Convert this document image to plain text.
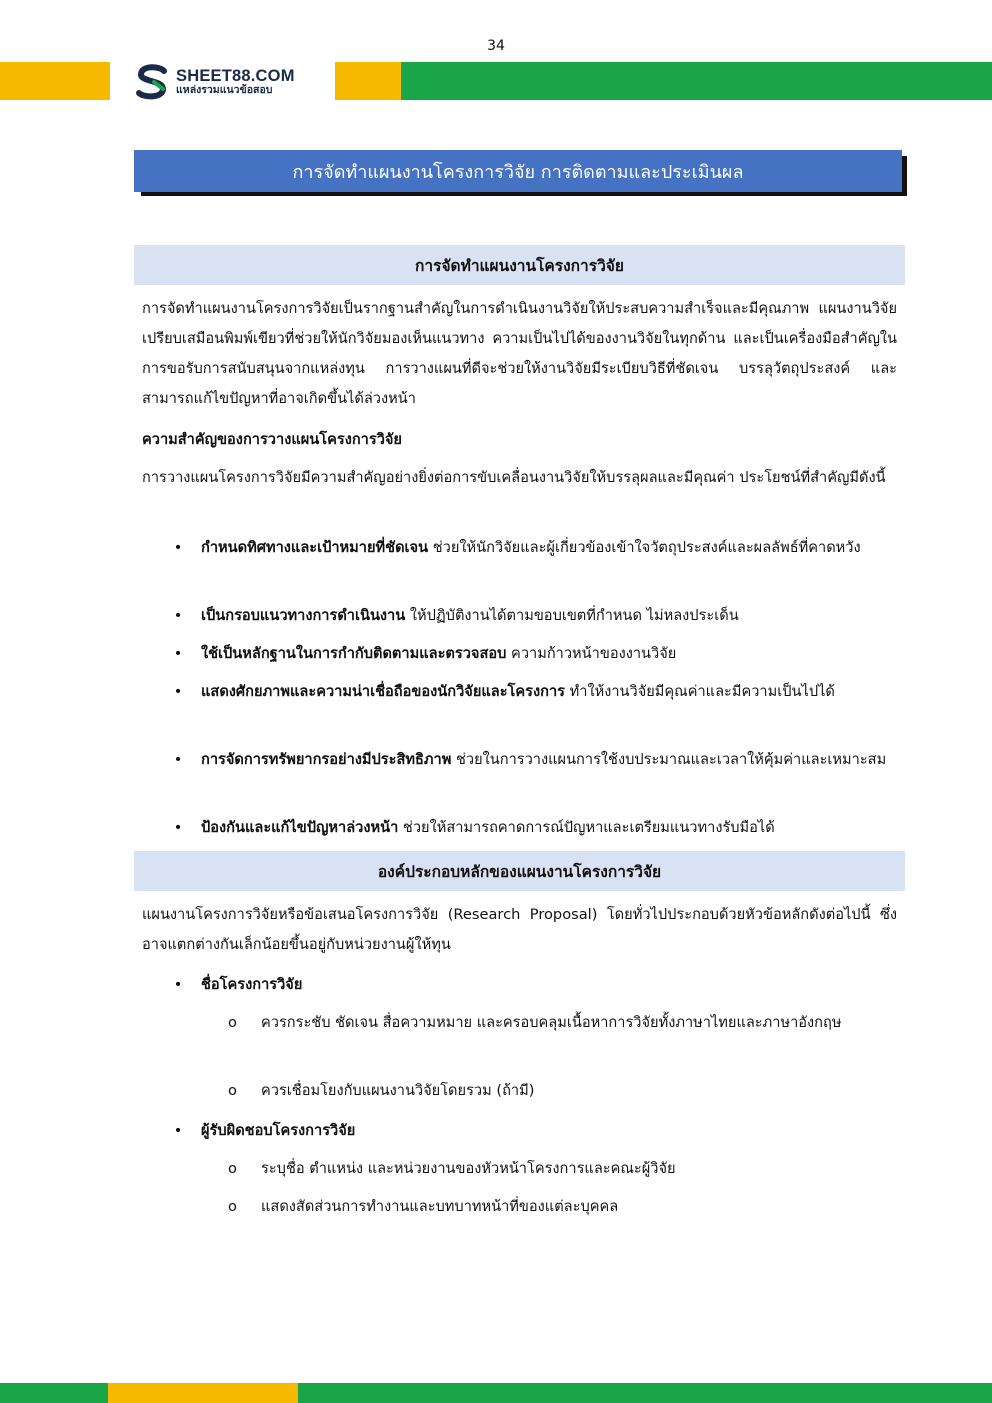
34
SHEET88.COM
แหล่งรวมแนวข้อสอบ
การจัดทำแผนงานโครงการวิจัย การติดตามและประเมินผล
การจัดทำแผนงานโครงการวิจัย
การจัดทำแผนงานโครงการวิจัยเป็นรากฐานสำคัญในการดำเนินงานวิจัยให้ประสบความสำเร็จและมีคุณภาพ แผนงานวิจัยเปรียบเสมือนพิมพ์เขียวที่ช่วยให้นักวิจัยมองเห็นแนวทาง ความเป็นไปได้ของงานวิจัยในทุกด้าน และเป็นเครื่องมือสำคัญในการขอรับการสนับสนุนจากแหล่งทุน การวางแผนที่ดีจะช่วยให้งานวิจัยมีระเบียบวิธีที่ชัดเจน บรรลุวัตถุประสงค์ และสามารถแก้ไขปัญหาที่อาจเกิดขึ้นได้ล่วงหน้า
ความสำคัญของการวางแผนโครงการวิจัย
การวางแผนโครงการวิจัยมีความสำคัญอย่างยิ่งต่อการขับเคลื่อนงานวิจัยให้บรรลุผลและมีคุณค่า ประโยชน์ที่สำคัญมีดังนี้
• กำหนดทิศทางและเป้าหมายที่ชัดเจน ช่วยให้นักวิจัยและผู้เกี่ยวข้องเข้าใจวัตถุประสงค์และผลลัพธ์ที่คาดหวัง
• เป็นกรอบแนวทางการดำเนินงาน ให้ปฏิบัติงานได้ตามขอบเขตที่กำหนด ไม่หลงประเด็น
• ใช้เป็นหลักฐานในการกำกับติดตามและตรวจสอบ ความก้าวหน้าของงานวิจัย
• แสดงศักยภาพและความน่าเชื่อถือของนักวิจัยและโครงการ ทำให้งานวิจัยมีคุณค่าและมีความเป็นไปได้
• การจัดการทรัพยากรอย่างมีประสิทธิภาพ ช่วยในการวางแผนการใช้งบประมาณและเวลาให้คุ้มค่าและเหมาะสม
• ป้องกันและแก้ไขปัญหาล่วงหน้า ช่วยให้สามารถคาดการณ์ปัญหาและเตรียมแนวทางรับมือได้
องค์ประกอบหลักของแผนงานโครงการวิจัย
แผนงานโครงการวิจัยหรือข้อเสนอโครงการวิจัย (Research Proposal) โดยทั่วไปประกอบด้วยหัวข้อหลักดังต่อไปนี้ ซึ่งอาจแตกต่างกันเล็กน้อยขึ้นอยู่กับหน่วยงานผู้ให้ทุน
• ชื่อโครงการวิจัย
o ควรกระชับ ชัดเจน สื่อความหมาย และครอบคลุมเนื้อหาการวิจัยทั้งภาษาไทยและภาษาอังกฤษ
o ควรเชื่อมโยงกับแผนงานวิจัยโดยรวม (ถ้ามี)
• ผู้รับผิดชอบโครงการวิจัย
o ระบุชื่อ ตำแหน่ง และหน่วยงานของหัวหน้าโครงการและคณะผู้วิจัย
o แสดงสัดส่วนการทำงานและบทบาทหน้าที่ของแต่ละบุคคล
